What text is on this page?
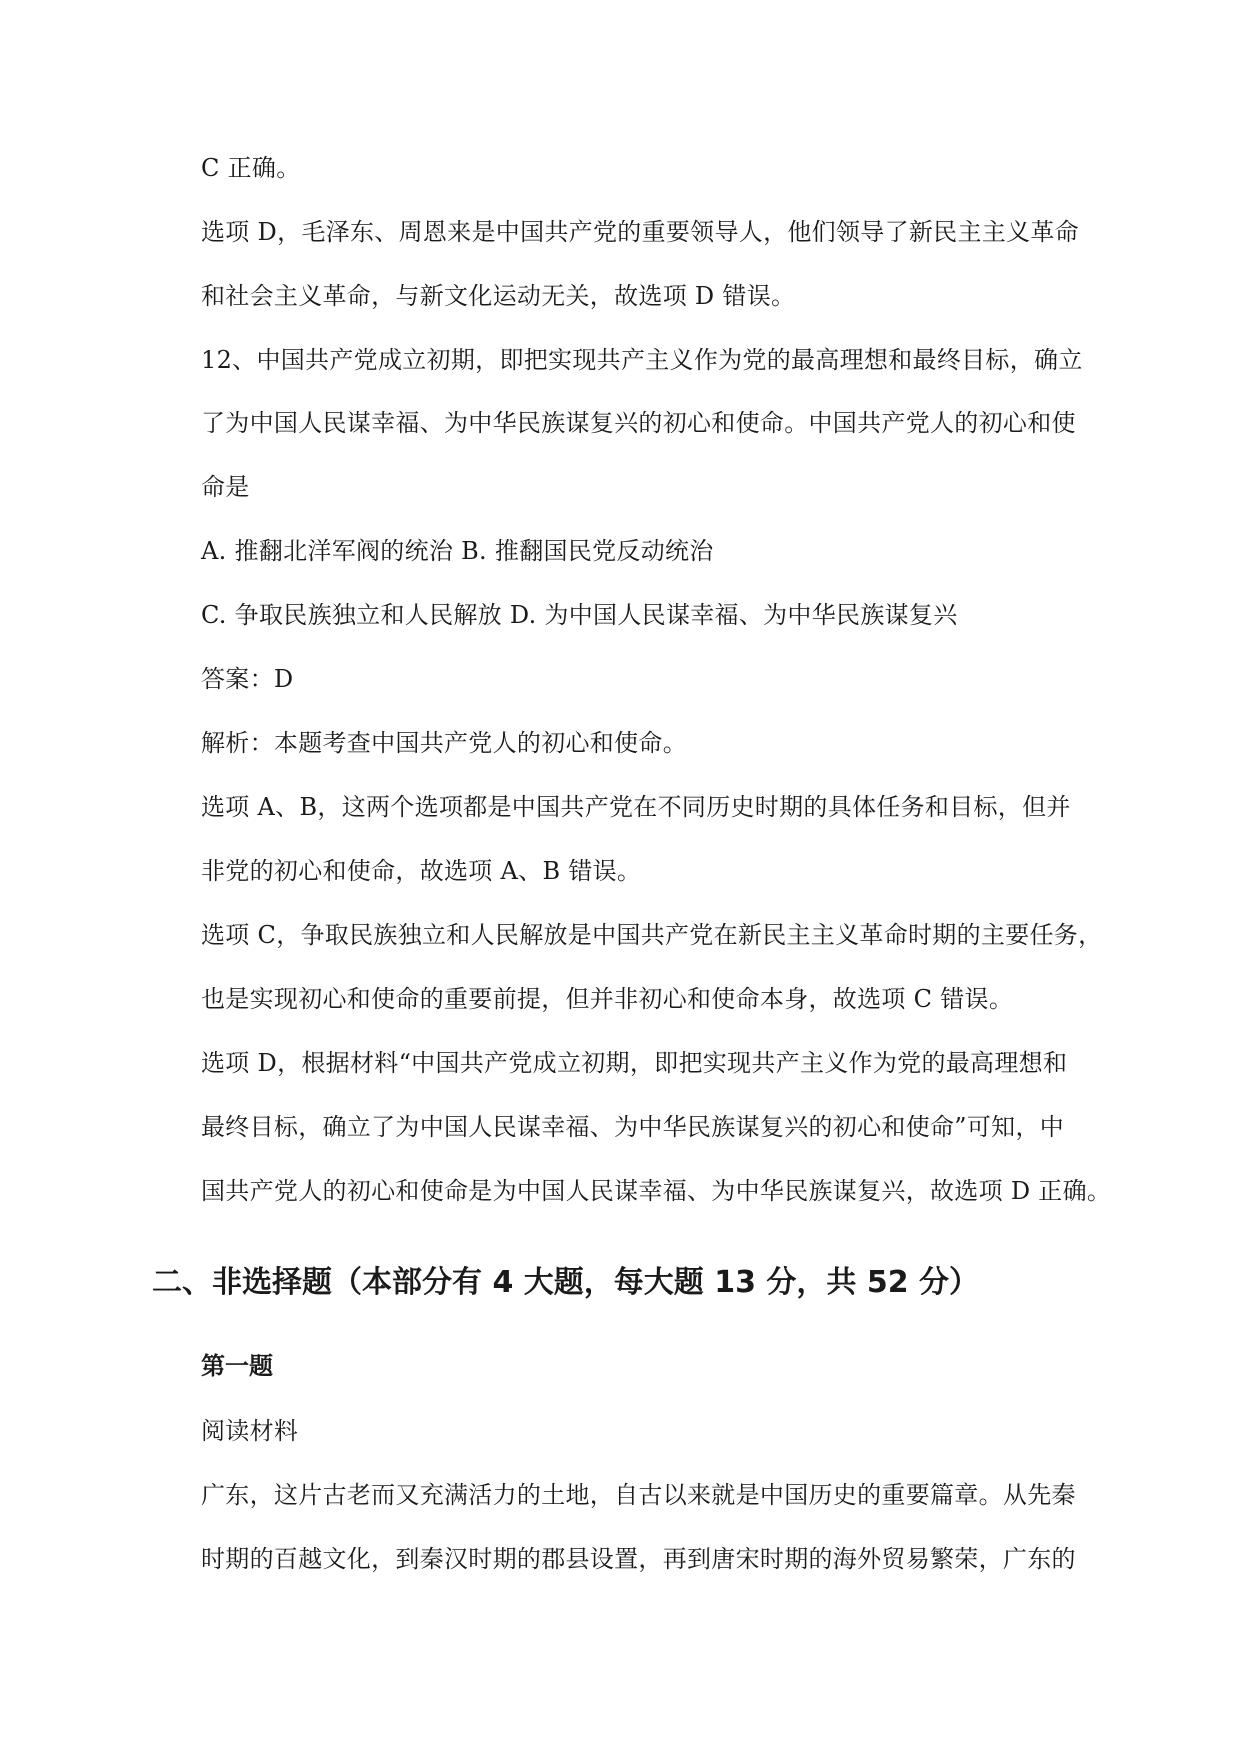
C 正确。
选项 D，毛泽东、周恩来是中国共产党的重要领导人，他们领导了新民主主义革命
和社会主义革命，与新文化运动无关，故选项 D 错误。
12、中国共产党成立初期，即把实现共产主义作为党的最高理想和最终目标，确立
了为中国人民谋幸福、为中华民族谋复兴的初心和使命。中国共产党人的初心和使
命是
A. 推翻北洋军阀的统治 B. 推翻国民党反动统治
C. 争取民族独立和人民解放 D. 为中国人民谋幸福、为中华民族谋复兴
答案：D
解析：本题考查中国共产党人的初心和使命。
选项 A、B，这两个选项都是中国共产党在不同历史时期的具体任务和目标，但并
非党的初心和使命，故选项 A、B 错误。
选项 C，争取民族独立和人民解放是中国共产党在新民主主义革命时期的主要任务，
也是实现初心和使命的重要前提，但并非初心和使命本身，故选项 C 错误。
选项 D，根据材料“中国共产党成立初期，即把实现共产主义作为党的最高理想和
最终目标，确立了为中国人民谋幸福、为中华民族谋复兴的初心和使命”可知，中
国共产党人的初心和使命是为中国人民谋幸福、为中华民族谋复兴，故选项 D 正确。
二、非选择题（本部分有 4 大题，每大题 13 分，共 52 分）
第一题
阅读材料
广东，这片古老而又充满活力的土地，自古以来就是中国历史的重要篇章。从先秦
时期的百越文化，到秦汉时期的郡县设置，再到唐宋时期的海外贸易繁荣，广东的
